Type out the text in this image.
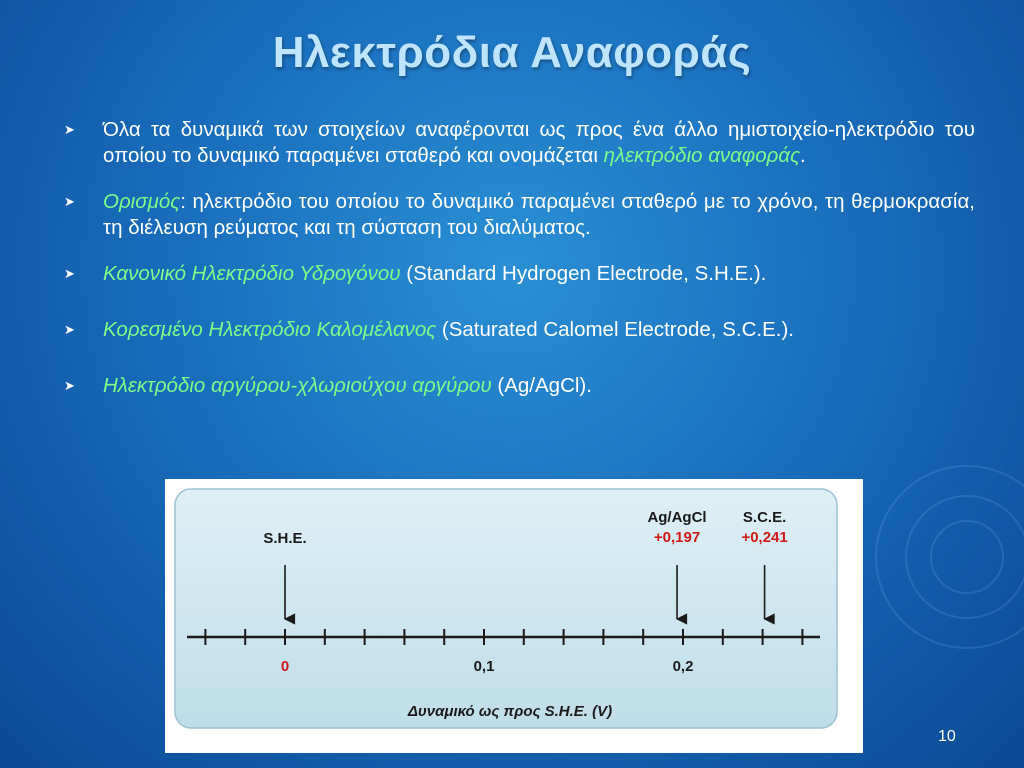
Ηλεκτρόδια Αναφοράς
➤ Όλα τα δυναμικά των στοιχείων αναφέρονται ως προς ένα άλλο ημιστοιχείο-ηλεκτρόδιο του οποίου το δυναμικό παραμένει σταθερό και ονομάζεται ηλεκτρόδιο αναφοράς.
➤ Ορισμός: ηλεκτρόδιο του οποίου το δυναμικό παραμένει σταθερό με το χρόνο, τη θερμοκρασία, τη διέλευση ρεύματος και τη σύσταση του διαλύματος.
➤ Κανονικό Ηλεκτρόδιο Υδρογόνου (Standard Hydrogen Electrode, S.H.E.).
➤ Κορεσμένο Ηλεκτρόδιο Καλομέλανος (Saturated Calomel Electrode, S.C.E.).
➤ Ηλεκτρόδιο αργύρου-χλωριούχου αργύρου (Ag/AgCl).
S.H.E.
Ag/AgCl
+0,197
S.C.E.
+0,241
0	0,1	0,2
Δυναμικό ως προς S.H.E. (V)
10
